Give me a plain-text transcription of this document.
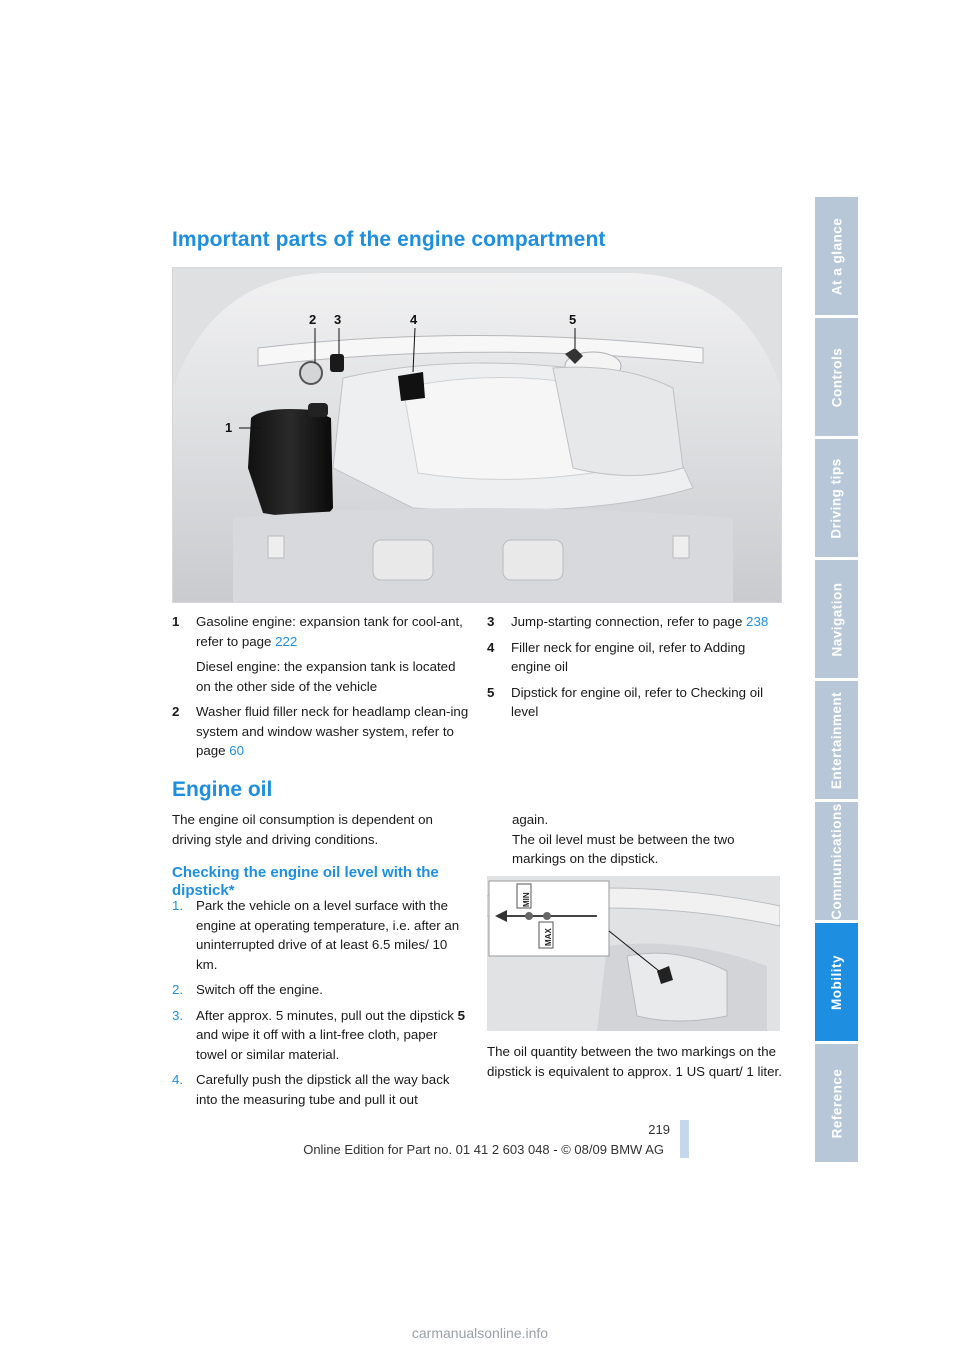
Important parts of the engine compartment
1
2 3	4	5
1 Gasoline engine: expansion tank for cool-ant, refer to page 222
Diesel engine: the expansion tank is located on the other side of the vehicle
2 Washer fluid filler neck for headlamp clean-ing system and window washer system, refer to page 60
3 Jump-starting connection, refer to page 238
4 Filler neck for engine oil, refer to Adding engine oil
5 Dipstick for engine oil, refer to Checking oil level
Engine oil

The engine oil consumption is dependent on driving style and driving conditions.

Checking the engine oil level with the dipstick*
1. Park the vehicle on a level surface with the engine at operating temperature, i.e. after an uninterrupted drive of at least 6.5 miles/ 10 km.
2. Switch off the engine.
3. After approx. 5 minutes, pull out the dipstick 5 and wipe it off with a lint-free cloth, paper towel or similar material.
4. Carefully push the dipstick all the way back into the measuring tube and pull it out

again.

The oil level must be between the two markings on the dipstick.

MIN
MAX

The oil quantity between the two markings on the dipstick is equivalent to approx. 1 US quart/ 1 liter.

219
Online Edition for Part no. 01 41 2 603 048 - © 08/09 BMW AG
carmanualsonline.info
At a glance
Controls
Driving tips
Navigation
Entertainment
Communications
Mobility
Reference
